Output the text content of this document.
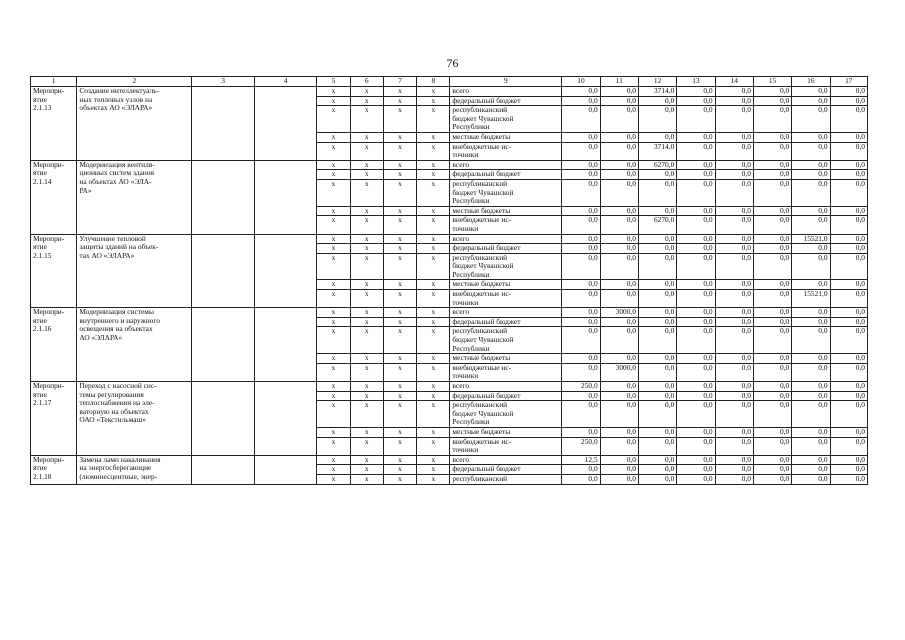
76
1	2	3	4	5	6	7	8	9	10	11	12	13	14	15	16	17

Меропри-
ятие
2.1.13	Создание интеллектуаль-
ных тепловых узлов на
объектах АО «ЭЛАРА»			x	x	x	x	всего	0,0	0,0	3714,0	0,0	0,0	0,0	0,0	0,0
				x	x	x	x	федеральный бюджет	0,0	0,0	0,0	0,0	0,0	0,0	0,0	0,0
				x	x	x	x	республиканский
бюджет Чувашской
Республики	0,0	0,0	0,0	0,0	0,0	0,0	0,0	0,0
				x	x	x	x	местные бюджеты	0,0	0,0	0,0	0,0	0,0	0,0	0,0	0,0
				x	x	x	x	внебюджетные ис-
точники	0,0	0,0	3714,0	0,0	0,0	0,0	0,0	0,0

Меропри-
ятие
2.1.14	Модернизация вентиля-
ционных систем здания
на объектах АО «ЭЛА-
РА»			x	x	x	x	всего	0,0	0,0	6270,0	0,0	0,0	0,0	0,0	0,0
				x	x	x	x	федеральный бюджет	0,0	0,0	0,0	0,0	0,0	0,0	0,0	0,0
				x	x	x	x	республиканский
бюджет Чувашской
Республики	0,0	0,0	0,0	0,0	0,0	0,0	0,0	0,0
				x	x	x	x	местные бюджеты	0,0	0,0	0,0	0,0	0,0	0,0	0,0	0,0
				x	x	x	x	внебюджетные ис-
точники	0,0	0,0	6270,0	0,0	0,0	0,0	0,0	0,0

Меропри-
ятие
2.1.15	Улучшение тепловой
защиты зданий на объек-
тах АО «ЭЛАРА»			x	x	x	x	всего	0,0	0,0	0,0	0,0	0,0	0,0	15521,0	0,0
				x	x	x	x	федеральный бюджет	0,0	0,0	0,0	0,0	0,0	0,0	0,0	0,0
				x	x	x	x	республиканский
бюджет Чувашской
Республики	0,0	0,0	0,0	0,0	0,0	0,0	0,0	0,0
				x	x	x	x	местные бюджеты	0,0	0,0	0,0	0,0	0,0	0,0	0,0	0,0
				x	x	x	x	внебюджетные ис-
точники	0,0	0,0	0,0	0,0	0,0	0,0	15521,0	0,0

Меропри-
ятие
2.1.16	Модернизация системы
внутреннего и наружного
освещения на объектах
АО «ЭЛАРА»			x	x	x	x	всего	0,0	3000,0	0,0	0,0	0,0	0,0	0,0	0,0
				x	x	x	x	федеральный бюджет	0,0	0,0	0,0	0,0	0,0	0,0	0,0	0,0
				x	x	x	x	республиканский
бюджет Чувашской
Республики	0,0	0,0	0,0	0,0	0,0	0,0	0,0	0,0
				x	x	x	x	местные бюджеты	0,0	0,0	0,0	0,0	0,0	0,0	0,0	0,0
				x	x	x	x	внебюджетные ис-
точники	0,0	3000,0	0,0	0,0	0,0	0,0	0,0	0,0

Меропри-
ятие
2.1.17	Переход с насосной сис-
темы регулирования
теплоснабжения на эле-
ваторную на объектах
ОАО «Текстильмаш»			x	x	x	x	всего	250,0	0,0	0,0	0,0	0,0	0,0	0,0	0,0
				x	x	x	x	федеральный бюджет	0,0	0,0	0,0	0,0	0,0	0,0	0,0	0,0
				x	x	x	x	республиканский
бюджет Чувашской
Республики	0,0	0,0	0,0	0,0	0,0	0,0	0,0	0,0
				x	x	x	x	местные бюджеты	0,0	0,0	0,0	0,0	0,0	0,0	0,0	0,0
				x	x	x	x	внебюджетные ис-
точники	250,0	0,0	0,0	0,0	0,0	0,0	0,0	0,0

Меропри-
ятие
2.1.18	Замена ламп накаливания
на энергосберегающие
(люминесцентные, энер-			x	x	x	x	всего	12,5	0,0	0,0	0,0	0,0	0,0	0,0	0,0
				x	x	x	x	федеральный бюджет	0,0	0,0	0,0	0,0	0,0	0,0	0,0	0,0
				x	x	x	x	республиканский	0,0	0,0	0,0	0,0	0,0	0,0	0,0	0,0
